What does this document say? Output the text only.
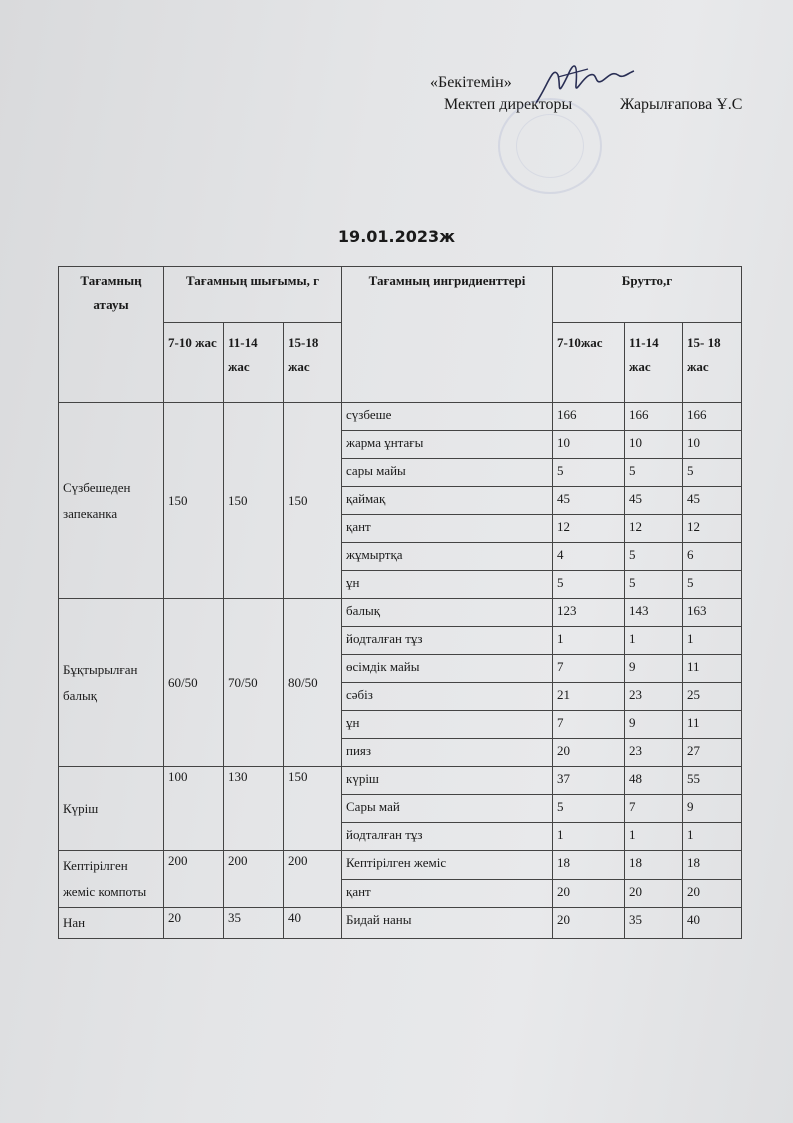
«Бекітемін»
Мектеп директоры	Жарылғапова Ұ.С
19.01.2023ж
Тағамның атауы	Тағамның шығымы, г			Тағамның ингридиенттері	Брутто,г		
	7-10 жас	11-14 жас	15-18 жас		7-10жас	11-14 жас	15- 18 жас
Сүзбешеден запеканка	150	150	150	сүзбеше	166	166	166
				жарма ұнтағы	10	10	10
				сары майы	5	5	5
				қаймақ	45	45	45
				қант	12	12	12
				жұмыртқа	4	5	6
				ұн	5	5	5
Бұқтырылған балық	60/50	70/50	80/50	балық	123	143	163
				йодталған тұз	1	1	1
				өсімдік майы	7	9	11
				сәбіз	21	23	25
				ұн	7	9	11
				пияз	20	23	27
Күріш	100	130	150	күріш	37	48	55
				Сары май	5	7	9
				йодталған тұз	1	1	1
Кептірілген жеміс компоты	200	200	200	Кептірілген жеміс	18	18	18
				қант	20	20	20
Нан	20	35	40	Бидай наны	20	35	40
